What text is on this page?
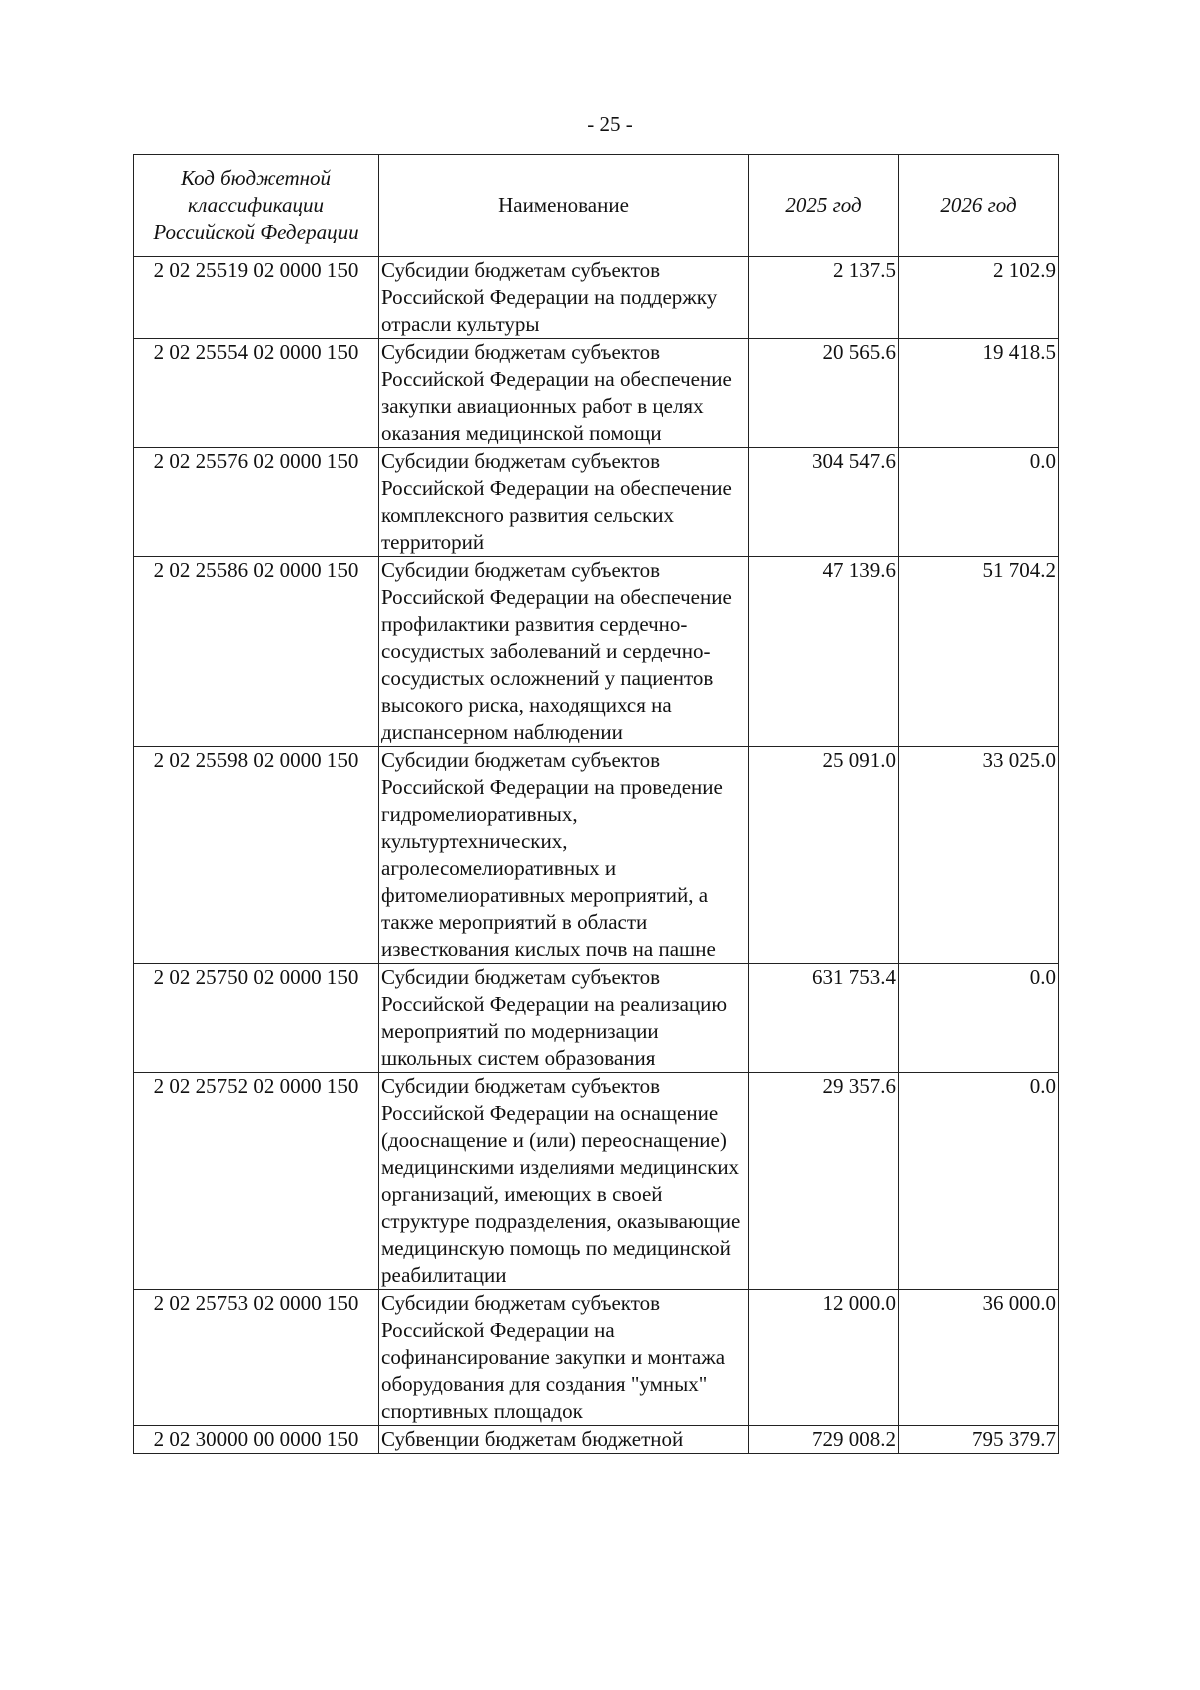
- 25 -
Код бюджетной классификации Российской Федерации	Наименование	2025 год	2026 год
2 02 25519 02 0000 150	Субсидии бюджетам субъектов Российской Федерации на поддержку отрасли культуры	2 137.5	2 102.9
2 02 25554 02 0000 150	Субсидии бюджетам субъектов Российской Федерации на обеспечение закупки авиационных работ в целях оказания медицинской помощи	20 565.6	19 418.5
2 02 25576 02 0000 150	Субсидии бюджетам субъектов Российской Федерации на обеспечение комплексного развития сельских территорий	304 547.6	0.0
2 02 25586 02 0000 150	Субсидии бюджетам субъектов Российской Федерации на обеспечение профилактики развития сердечно-сосудистых заболеваний и сердечно-сосудистых осложнений у пациентов высокого риска, находящихся на диспансерном наблюдении	47 139.6	51 704.2
2 02 25598 02 0000 150	Субсидии бюджетам субъектов Российской Федерации на проведение гидромелиоративных, культуртехнических, агролесомелиоративных и фитомелиоративных мероприятий, а также мероприятий в области известкования кислых почв на пашне	25 091.0	33 025.0
2 02 25750 02 0000 150	Субсидии бюджетам субъектов Российской Федерации на реализацию мероприятий по модернизации школьных систем образования	631 753.4	0.0
2 02 25752 02 0000 150	Субсидии бюджетам субъектов Российской Федерации на оснащение (дооснащение и (или) переоснащение) медицинскими изделиями медицинских организаций, имеющих в своей структуре подразделения, оказывающие медицинскую помощь по медицинской реабилитации	29 357.6	0.0
2 02 25753 02 0000 150	Субсидии бюджетам субъектов Российской Федерации на софинансирование закупки и монтажа оборудования для создания "умных" спортивных площадок	12 000.0	36 000.0
2 02 30000 00 0000 150	Субвенции бюджетам бюджетной	729 008.2	795 379.7
